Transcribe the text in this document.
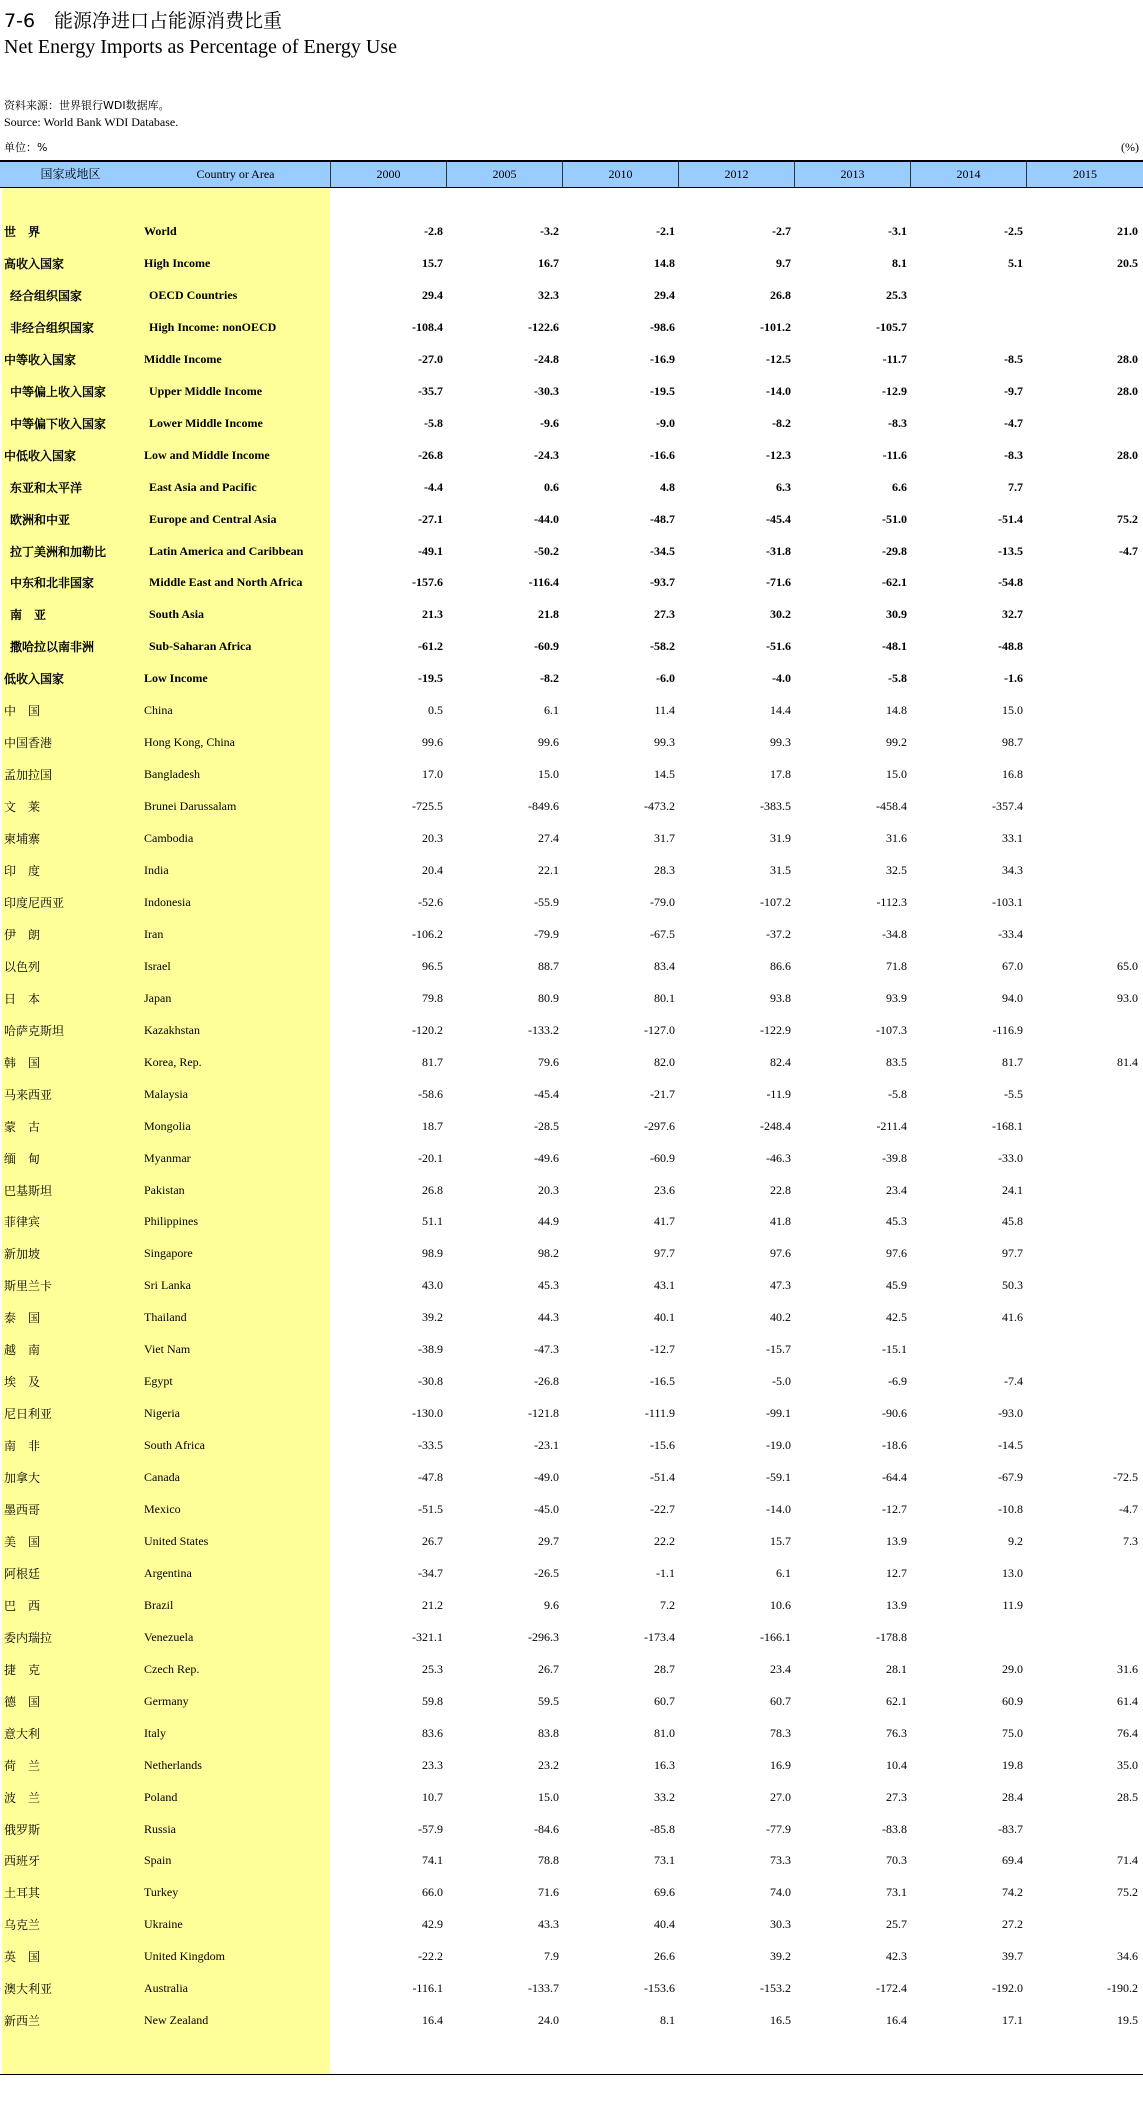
7-6　能源净进口占能源消费比重
Net Energy Imports as Percentage of Energy Use
资料来源：世界银行WDI数据库。
Source: World Bank WDI Database.
单位：%	(%)
国家或地区	Country or Area	2000	2005	2010	2012	2013	2014	2015
世　界	World	-2.8	-3.2	-2.1	-2.7	-3.1	-2.5	21.0
高收入国家	High Income	15.7	16.7	14.8	9.7	8.1	5.1	20.5
经合组织国家	OECD Countries	29.4	32.3	29.4	26.8	25.3
非经合组织国家	High Income: nonOECD	-108.4	-122.6	-98.6	-101.2	-105.7
中等收入国家	Middle Income	-27.0	-24.8	-16.9	-12.5	-11.7	-8.5	28.0
中等偏上收入国家	Upper Middle Income	-35.7	-30.3	-19.5	-14.0	-12.9	-9.7	28.0
中等偏下收入国家	Lower Middle Income	-5.8	-9.6	-9.0	-8.2	-8.3	-4.7
中低收入国家	Low and Middle Income	-26.8	-24.3	-16.6	-12.3	-11.6	-8.3	28.0
东亚和太平洋	East Asia and Pacific	-4.4	0.6	4.8	6.3	6.6	7.7
欧洲和中亚	Europe and Central Asia	-27.1	-44.0	-48.7	-45.4	-51.0	-51.4	75.2
拉丁美洲和加勒比	Latin America and Caribbean	-49.1	-50.2	-34.5	-31.8	-29.8	-13.5	-4.7
中东和北非国家	Middle East and North Africa	-157.6	-116.4	-93.7	-71.6	-62.1	-54.8
南　亚	South Asia	21.3	21.8	27.3	30.2	30.9	32.7
撒哈拉以南非洲	Sub-Saharan Africa	-61.2	-60.9	-58.2	-51.6	-48.1	-48.8
低收入国家	Low Income	-19.5	-8.2	-6.0	-4.0	-5.8	-1.6
中　国	China	0.5	6.1	11.4	14.4	14.8	15.0
中国香港	Hong Kong, China	99.6	99.6	99.3	99.3	99.2	98.7
孟加拉国	Bangladesh	17.0	15.0	14.5	17.8	15.0	16.8
文　莱	Brunei Darussalam	-725.5	-849.6	-473.2	-383.5	-458.4	-357.4
柬埔寨	Cambodia	20.3	27.4	31.7	31.9	31.6	33.1
印　度	India	20.4	22.1	28.3	31.5	32.5	34.3
印度尼西亚	Indonesia	-52.6	-55.9	-79.0	-107.2	-112.3	-103.1
伊　朗	Iran	-106.2	-79.9	-67.5	-37.2	-34.8	-33.4
以色列	Israel	96.5	88.7	83.4	86.6	71.8	67.0	65.0
日　本	Japan	79.8	80.9	80.1	93.8	93.9	94.0	93.0
哈萨克斯坦	Kazakhstan	-120.2	-133.2	-127.0	-122.9	-107.3	-116.9
韩　国	Korea, Rep.	81.7	79.6	82.0	82.4	83.5	81.7	81.4
马来西亚	Malaysia	-58.6	-45.4	-21.7	-11.9	-5.8	-5.5
蒙　古	Mongolia	18.7	-28.5	-297.6	-248.4	-211.4	-168.1
缅　甸	Myanmar	-20.1	-49.6	-60.9	-46.3	-39.8	-33.0
巴基斯坦	Pakistan	26.8	20.3	23.6	22.8	23.4	24.1
菲律宾	Philippines	51.1	44.9	41.7	41.8	45.3	45.8
新加坡	Singapore	98.9	98.2	97.7	97.6	97.6	97.7
斯里兰卡	Sri Lanka	43.0	45.3	43.1	47.3	45.9	50.3
泰　国	Thailand	39.2	44.3	40.1	40.2	42.5	41.6
越　南	Viet Nam	-38.9	-47.3	-12.7	-15.7	-15.1
埃　及	Egypt	-30.8	-26.8	-16.5	-5.0	-6.9	-7.4
尼日利亚	Nigeria	-130.0	-121.8	-111.9	-99.1	-90.6	-93.0
南　非	South Africa	-33.5	-23.1	-15.6	-19.0	-18.6	-14.5
加拿大	Canada	-47.8	-49.0	-51.4	-59.1	-64.4	-67.9	-72.5
墨西哥	Mexico	-51.5	-45.0	-22.7	-14.0	-12.7	-10.8	-4.7
美　国	United States	26.7	29.7	22.2	15.7	13.9	9.2	7.3
阿根廷	Argentina	-34.7	-26.5	-1.1	6.1	12.7	13.0
巴　西	Brazil	21.2	9.6	7.2	10.6	13.9	11.9
委内瑞拉	Venezuela	-321.1	-296.3	-173.4	-166.1	-178.8
捷　克	Czech Rep.	25.3	26.7	28.7	23.4	28.1	29.0	31.6
德　国	Germany	59.8	59.5	60.7	60.7	62.1	60.9	61.4
意大利	Italy	83.6	83.8	81.0	78.3	76.3	75.0	76.4
荷　兰	Netherlands	23.3	23.2	16.3	16.9	10.4	19.8	35.0
波　兰	Poland	10.7	15.0	33.2	27.0	27.3	28.4	28.5
俄罗斯	Russia	-57.9	-84.6	-85.8	-77.9	-83.8	-83.7
西班牙	Spain	74.1	78.8	73.1	73.3	70.3	69.4	71.4
土耳其	Turkey	66.0	71.6	69.6	74.0	73.1	74.2	75.2
乌克兰	Ukraine	42.9	43.3	40.4	30.3	25.7	27.2
英　国	United Kingdom	-22.2	7.9	26.6	39.2	42.3	39.7	34.6
澳大利亚	Australia	-116.1	-133.7	-153.6	-153.2	-172.4	-192.0	-190.2
新西兰	New Zealand	16.4	24.0	8.1	16.5	16.4	17.1	19.5
